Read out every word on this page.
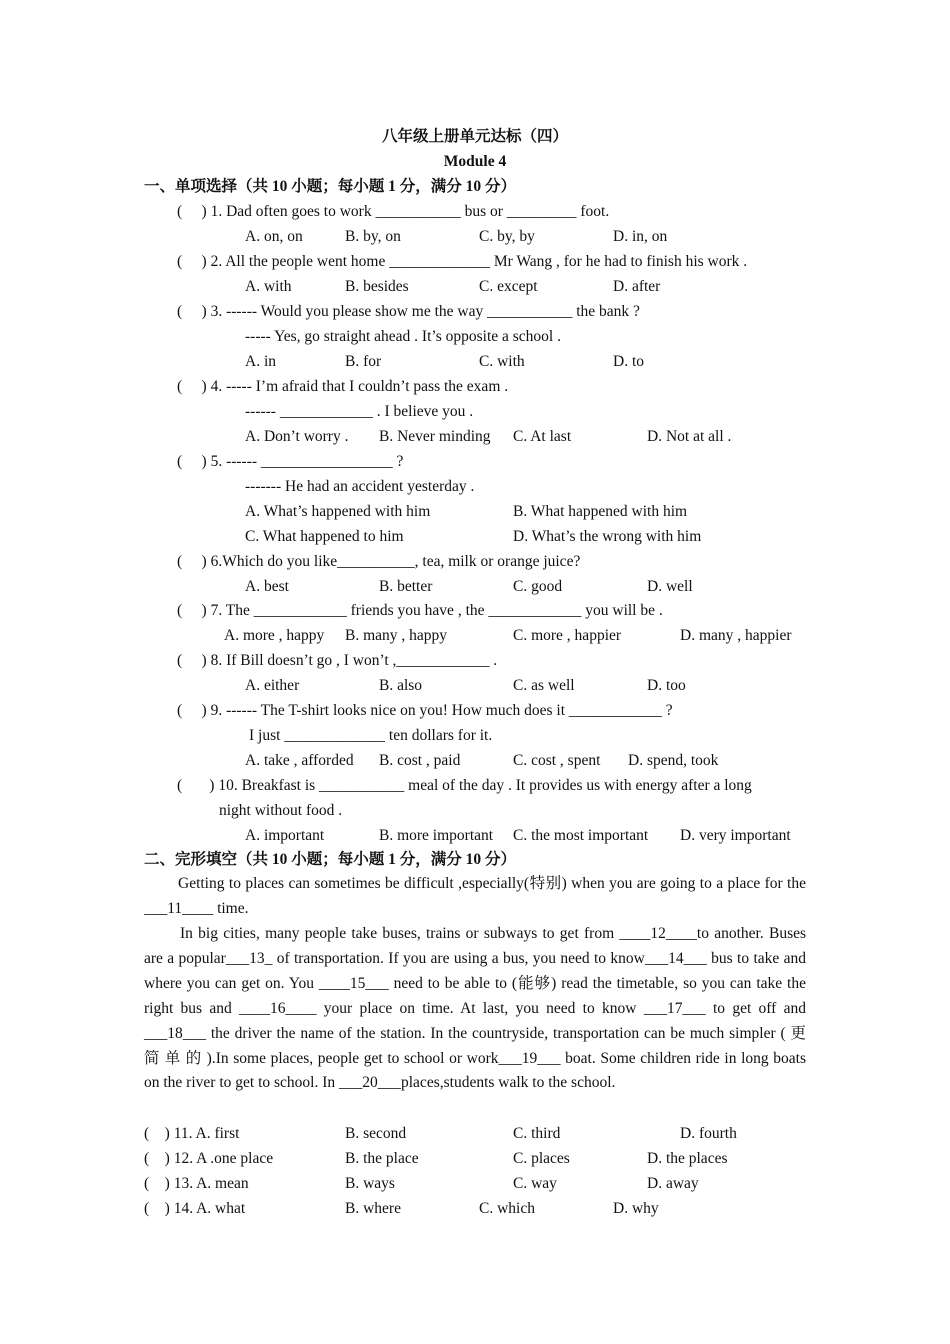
八年级上册单元达标（四）
Module 4
一、单项选择（共 10 小题；每小题 1 分，满分 10 分）
(     ) 1. Dad often goes to work ___________ bus or _________ foot.
A. on, on	B. by, on	C. by, by	D. in, on
(     ) 2. All the people went home _____________ Mr Wang , for he had to finish his work .
A. with	B. besides	C. except	D. after
(     ) 3. ------ Would you please show me the way ___________ the bank ?
----- Yes, go straight ahead . It’s opposite a school .
A. in	B. for	C. with	D. to
(     ) 4. ----- I’m afraid that I couldn’t pass the exam .
------ ____________ . I believe you .
A. Don’t worry . B. Never minding C. At last	D. Not at all .
(     ) 5. ------ _________________ ?
------- He had an accident yesterday .
A. What’s happened with him	B. What happened with him
C. What happened to him	D. What’s the wrong with him
(     ) 6.Which do you like__________, tea, milk or orange juice?
A. best	B. better	C. good	D. well
(     ) 7. The ____________ friends you have , the ____________ you will be .
A. more , happy B. many , happy	C. more , happier	D. many , happier
(     ) 8. If Bill doesn’t go , I won’t ,____________ .
A. either	B. also	C. as well	D. too
(     ) 9. ------ The T-shirt looks nice on you! How much does it ____________ ?
I just _____________ ten dollars for it.
A. take , afforded B. cost , paid	C. cost , spent D. spend, took
(       ) 10. Breakfast is ___________ meal of the day . It provides us with energy after a long
night without food .
A. important	B. more important C. the most important D. very important
二、完形填空（共 10 小题；每小题 1 分，满分 10 分）
Getting to places can sometimes be difficult ,especially(特别) when you are going to a place for the ___11____ time.
In big cities, many people take buses, trains or subways to get from ____12____to another. Buses are a popular___13_ of transportation. If you are using a bus, you need to know___14___ bus to take and where you can get on. You ____15___ need to be able to (能够) read the timetable, so you can take the right bus and ____16____ your place on time. At last, you need to know ___17___ to get off and ___18___ the driver the name of the station. In the countryside, transportation can be much simpler ( 更 简 单 的 ).In some places, people get to school or work___19___ boat. Some children ride in long boats on the river to get to school. In ___20___places,students walk to the school.
(    ) 11. A. first	B. second	C. third	D. fourth
(    ) 12. A .one place	B. the place	C. places	D. the places
(    ) 13. A. mean	B. ways	C. way	D. away
(    ) 14. A. what	B. where	C. which	D. why
